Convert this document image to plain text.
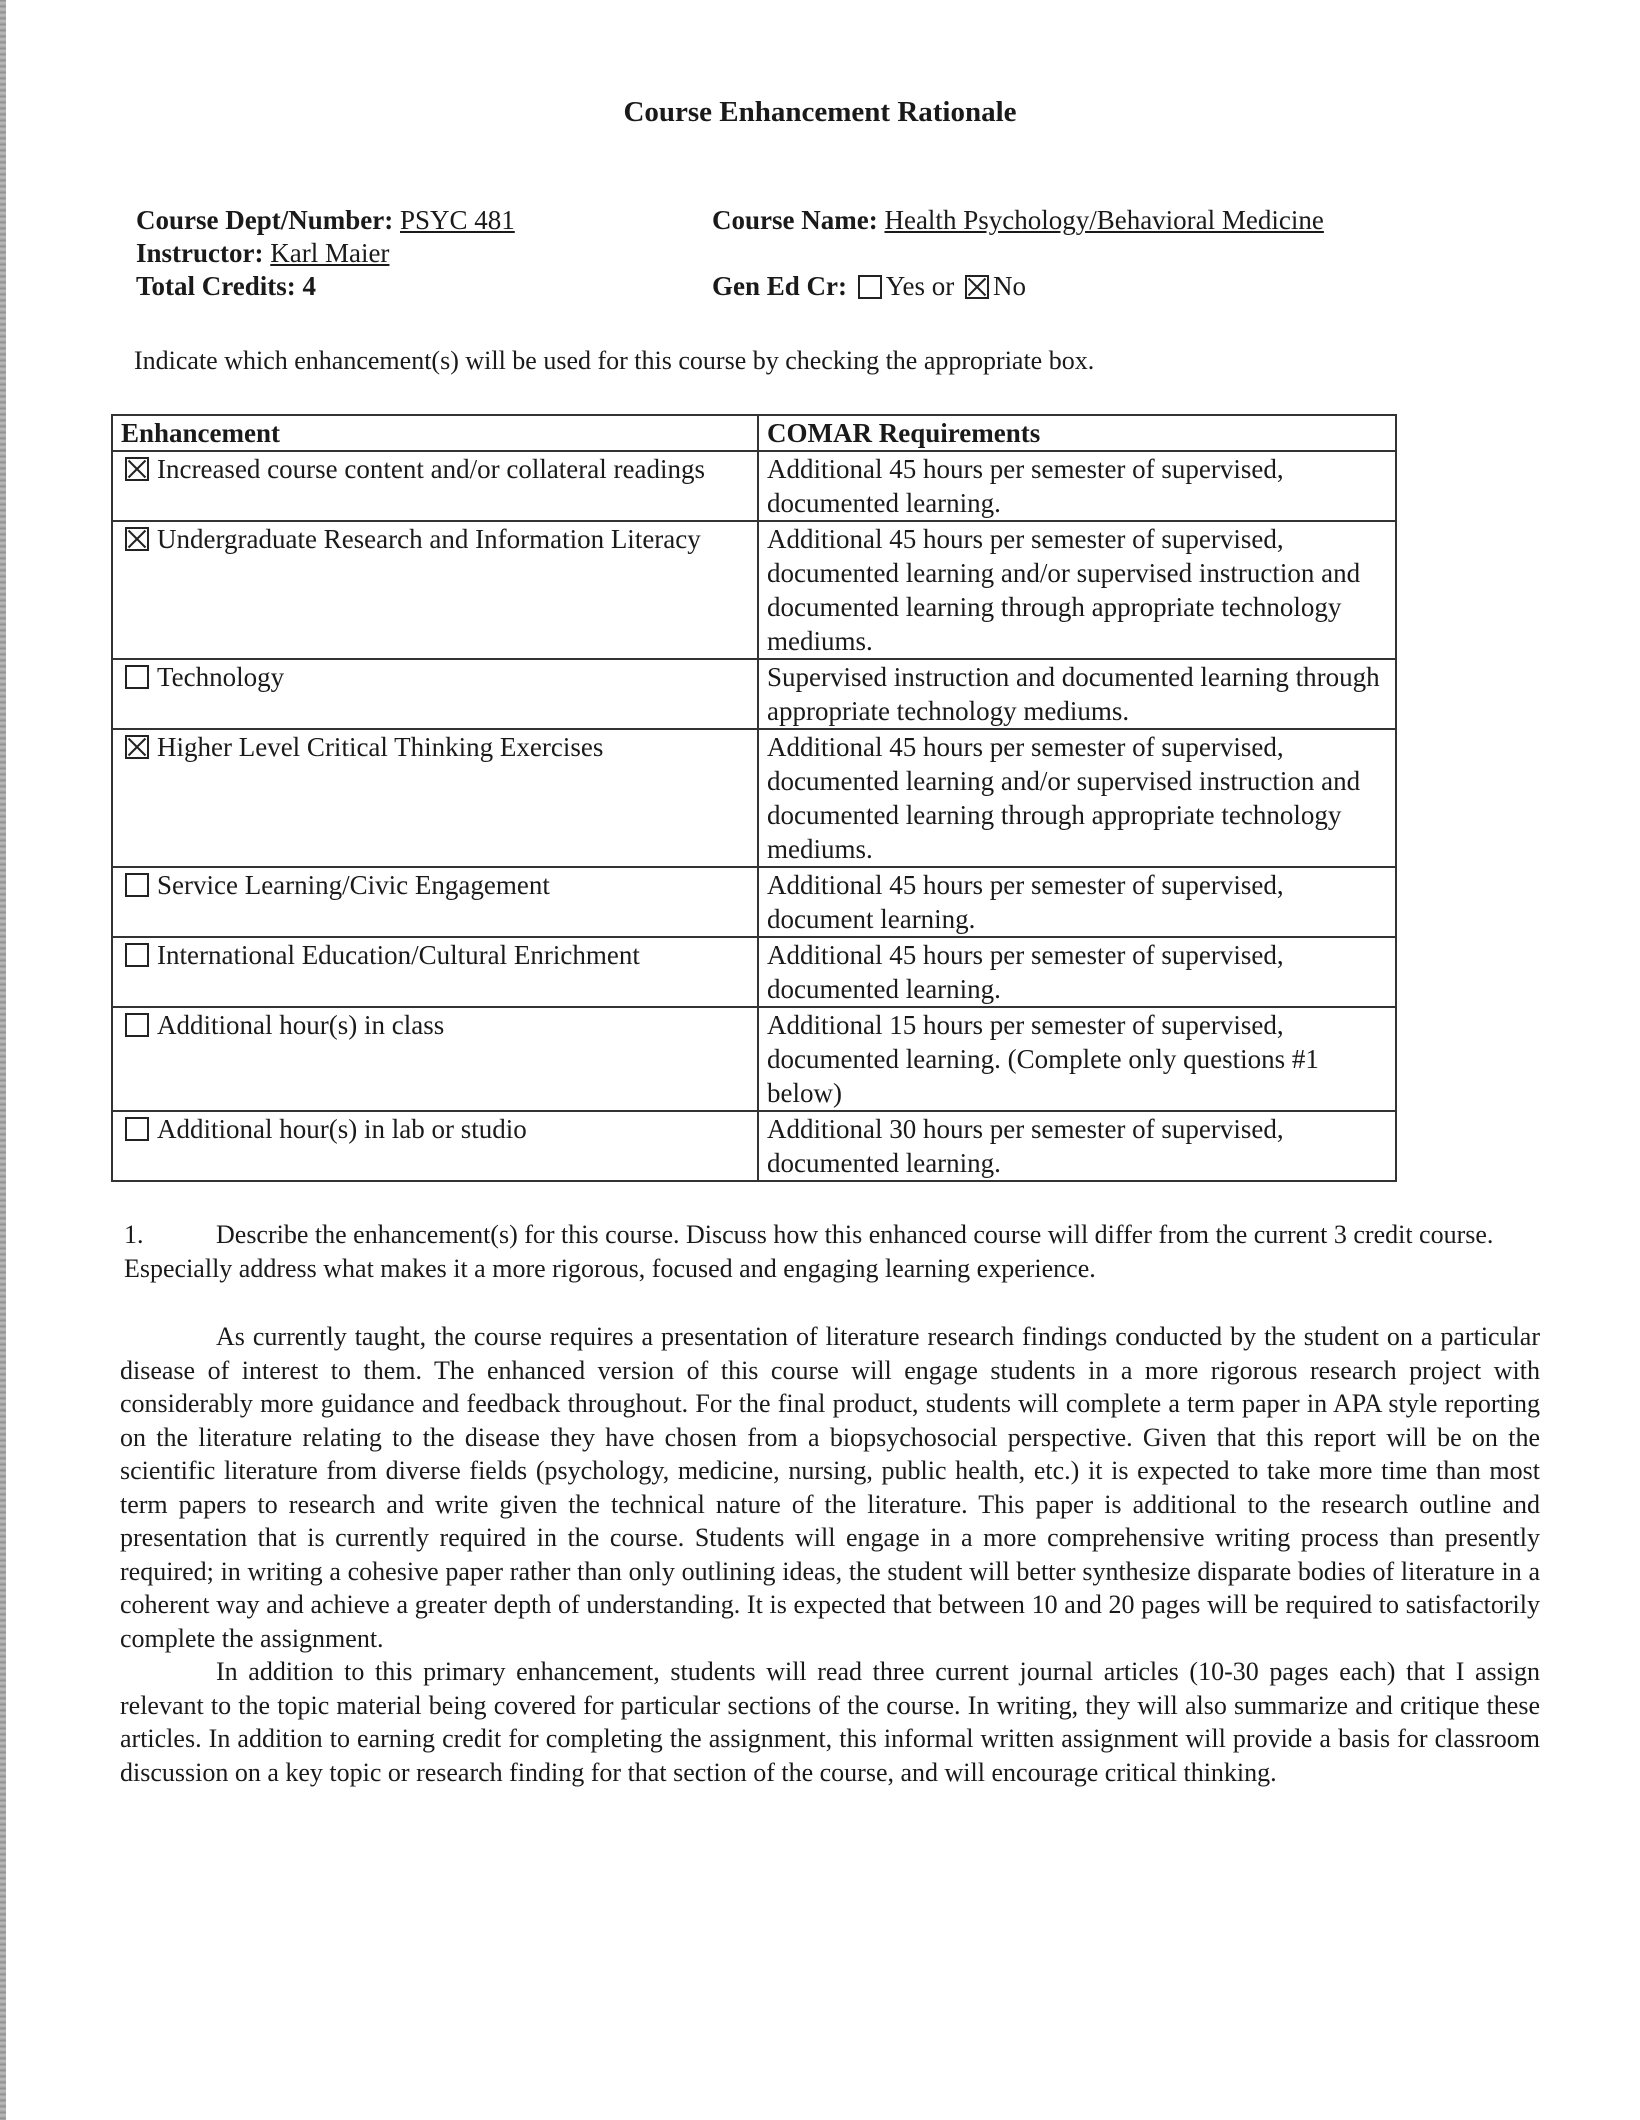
Course Enhancement Rationale
Course Dept/Number: PSYC 481
Instructor: Karl Maier
Total Credits: 4
Course Name: Health Psychology/Behavioral Medicine
Gen Ed Cr: Yes or No
Indicate which enhancement(s) will be used for this course by checking the appropriate box.
Enhancement	COMAR Requirements

Increased course content and/or collateral readings	Additional 45 hours per semester of supervised, documented learning.

Undergraduate Research and Information Literacy	Additional 45 hours per semester of supervised, documented learning and/or supervised instruction and documented learning through appropriate technology mediums.

Technology	Supervised instruction and documented learning through appropriate technology mediums.

Higher Level Critical Thinking Exercises	Additional 45 hours per semester of supervised, documented learning and/or supervised instruction and documented learning through appropriate technology mediums.

Service Learning/Civic Engagement	Additional 45 hours per semester of supervised, document learning.

International Education/Cultural Enrichment	Additional 45 hours per semester of supervised, documented learning.

Additional hour(s) in class	Additional 15 hours per semester of supervised, documented learning. (Complete only questions #1 below)

Additional hour(s) in lab or studio	Additional 30 hours per semester of supervised, documented learning.
1.	Describe the enhancement(s) for this course. Discuss how this enhanced course will differ from the current 3 credit course. Especially address what makes it a more rigorous, focused and engaging learning experience.

As currently taught, the course requires a presentation of literature research findings conducted by the student on a particular disease of interest to them. The enhanced version of this course will engage students in a more rigorous research project with considerably more guidance and feedback throughout. For the final product, students will complete a term paper in APA style reporting on the literature relating to the disease they have chosen from a biopsychosocial perspective. Given that this report will be on the scientific literature from diverse fields (psychology, medicine, nursing, public health, etc.) it is expected to take more time than most term papers to research and write given the technical nature of the literature. This paper is additional to the research outline and presentation that is currently required in the course. Students will engage in a more comprehensive writing process than presently required; in writing a cohesive paper rather than only outlining ideas, the student will better synthesize disparate bodies of literature in a coherent way and achieve a greater depth of understanding. It is expected that between 10 and 20 pages will be required to satisfactorily complete the assignment.

In addition to this primary enhancement, students will read three current journal articles (10-30 pages each) that I assign relevant to the topic material being covered for particular sections of the course. In writing, they will also summarize and critique these articles. In addition to earning credit for completing the assignment, this informal written assignment will provide a basis for classroom discussion on a key topic or research finding for that section of the course, and will encourage critical thinking.
